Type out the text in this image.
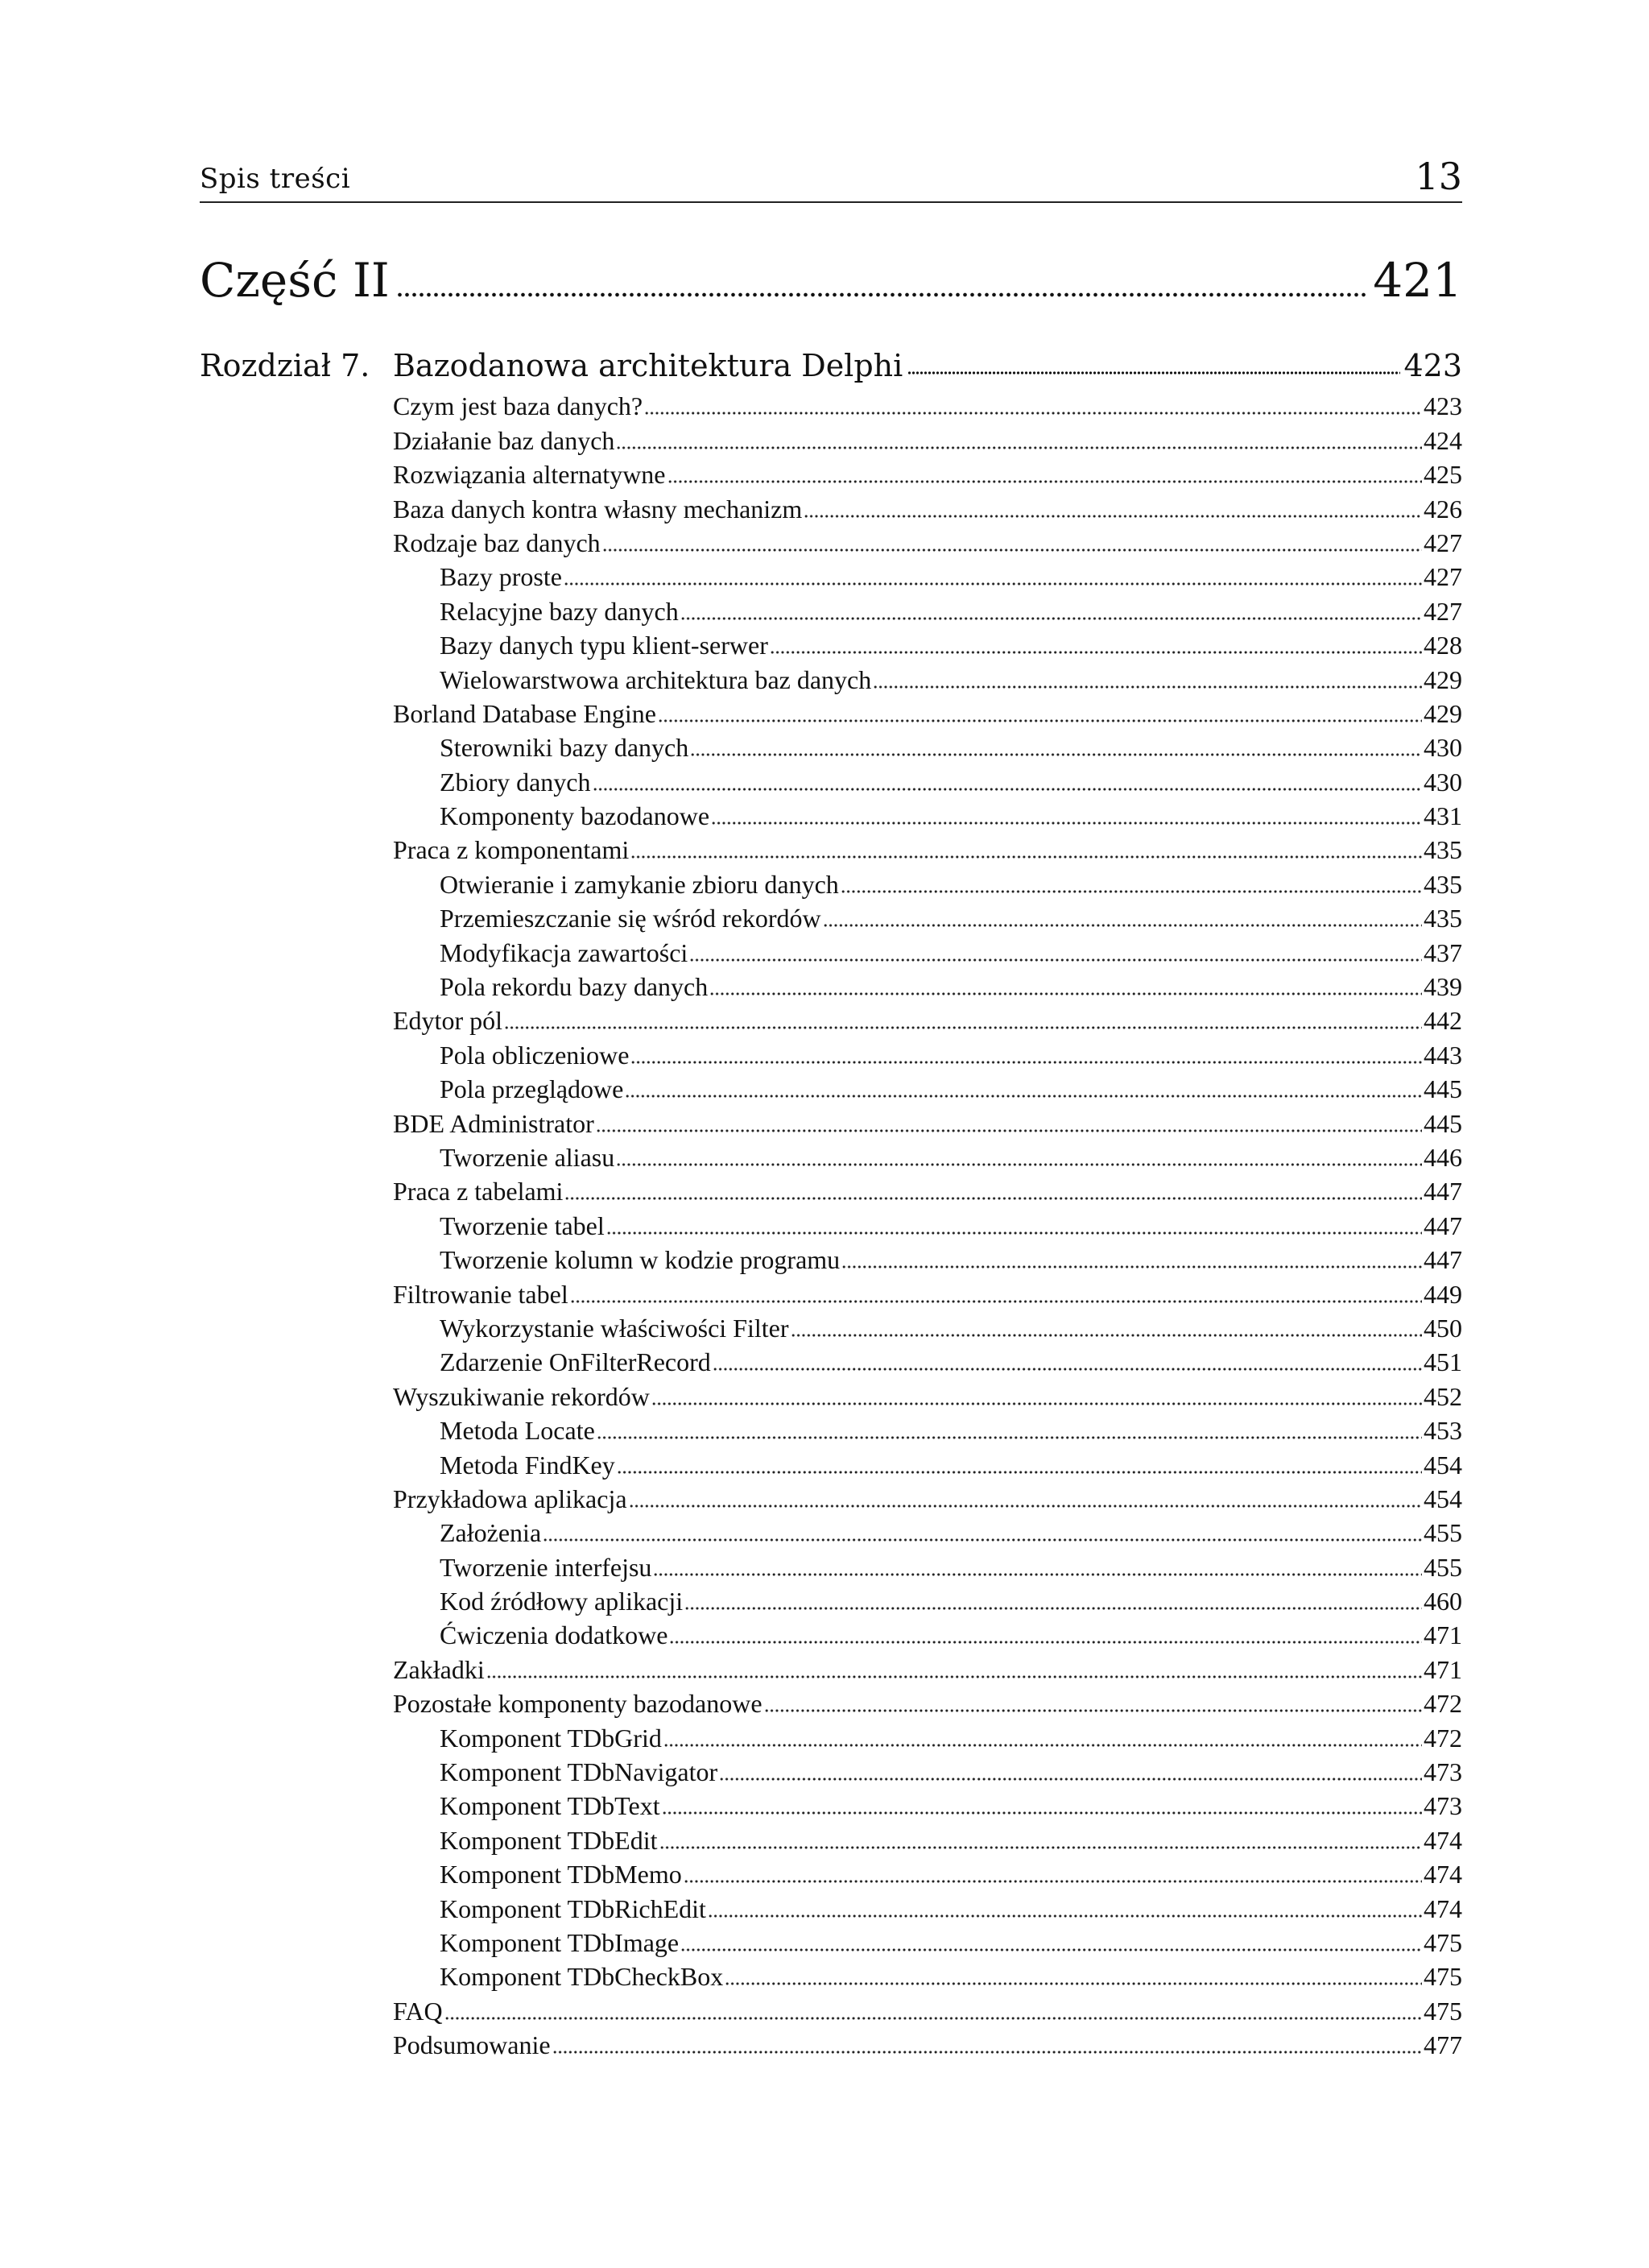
Spis treści	13
Część II	421
Rozdział 7. Bazodanowa architektura Delphi	423
Czym jest baza danych?	423
Działanie baz danych	424
Rozwiązania alternatywne	425
Baza danych kontra własny mechanizm	426
Rodzaje baz danych	427
Bazy proste	427
Relacyjne bazy danych	427
Bazy danych typu klient-serwer	428
Wielowarstwowa architektura baz danych	429
Borland Database Engine	429
Sterowniki bazy danych	430
Zbiory danych	430
Komponenty bazodanowe	431
Praca z komponentami	435
Otwieranie i zamykanie zbioru danych	435
Przemieszczanie się wśród rekordów	435
Modyfikacja zawartości	437
Pola rekordu bazy danych	439
Edytor pól	442
Pola obliczeniowe	443
Pola przeglądowe	445
BDE Administrator	445
Tworzenie aliasu	446
Praca z tabelami	447
Tworzenie tabel	447
Tworzenie kolumn w kodzie programu	447
Filtrowanie tabel	449
Wykorzystanie właściwości Filter	450
Zdarzenie OnFilterRecord	451
Wyszukiwanie rekordów	452
Metoda Locate	453
Metoda FindKey	454
Przykładowa aplikacja	454
Założenia	455
Tworzenie interfejsu	455
Kod źródłowy aplikacji	460
Ćwiczenia dodatkowe	471
Zakładki	471
Pozostałe komponenty bazodanowe	472
Komponent TDbGrid	472
Komponent TDbNavigator	473
Komponent TDbText	473
Komponent TDbEdit	474
Komponent TDbMemo	474
Komponent TDbRichEdit	474
Komponent TDbImage	475
Komponent TDbCheckBox	475
FAQ	475
Podsumowanie	477
